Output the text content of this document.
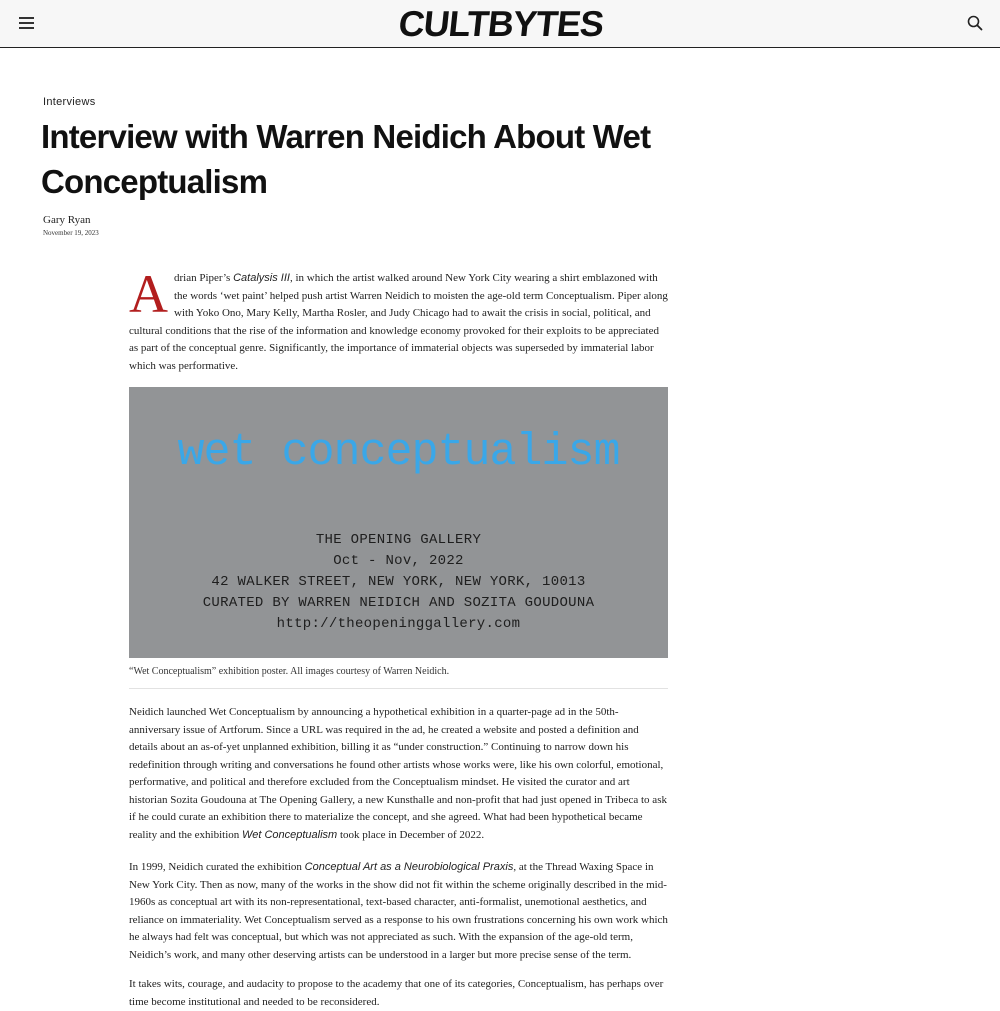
CULTBYTES
Interviews
Interview with Warren Neidich About Wet Conceptualism
Gary Ryan
November 19, 2023

Adrian Piper’s Catalysis III, in which the artist walked around New York City wearing a shirt emblazoned with the words ‘wet paint’ helped push artist Warren Neidich to moisten the age-old term Conceptualism. Piper along with Yoko Ono, Mary Kelly, Martha Rosler, and Judy Chicago had to await the crisis in social, political, and cultural conditions that the rise of the information and knowledge economy provoked for their exploits to be appreciated as part of the conceptual genre. Significantly, the importance of immaterial objects was superseded by immaterial labor which was performative.

wet conceptualism
THE OPENING GALLERY
Oct - Nov, 2022
42 WALKER STREET, NEW YORK, NEW YORK, 10013
CURATED BY WARREN NEIDICH AND SOZITA GOUDOUNA
http://theopeninggallery.com
“Wet Conceptualism” exhibition poster. All images courtesy of Warren Neidich.

Neidich launched Wet Conceptualism by announcing a hypothetical exhibition in a quarter-page ad in the 50th-anniversary issue of Artforum. Since a URL was required in the ad, he created a website and posted a definition and details about an as-of-yet unplanned exhibition, billing it as “under construction.” Continuing to narrow down his redefinition through writing and conversations he found other artists whose works were, like his own colorful, emotional, performative, and political and therefore excluded from the Conceptualism mindset. He visited the curator and art historian Sozita Goudouna at The Opening Gallery, a new Kunsthalle and non-profit that had just opened in Tribeca to ask if he could curate an exhibition there to materialize the concept, and she agreed. What had been hypothetical became reality and the exhibition Wet Conceptualism took place in December of 2022.

In 1999, Neidich curated the exhibition Conceptual Art as a Neurobiological Praxis, at the Thread Waxing Space in New York City. Then as now, many of the works in the show did not fit within the scheme originally described in the mid-1960s as conceptual art with its non-representational, text-based character, anti-formalist, unemotional aesthetics, and reliance on immateriality. Wet Conceptualism served as a response to his own frustrations concerning his own work which he always had felt was conceptual, but which was not appreciated as such. With the expansion of the age-old term, Neidich’s work, and many other deserving artists can be understood in a larger but more precise sense of the term.

It takes wits, courage, and audacity to propose to the academy that one of its categories, Conceptualism, has perhaps over time become institutional and needed to be reconsidered.
